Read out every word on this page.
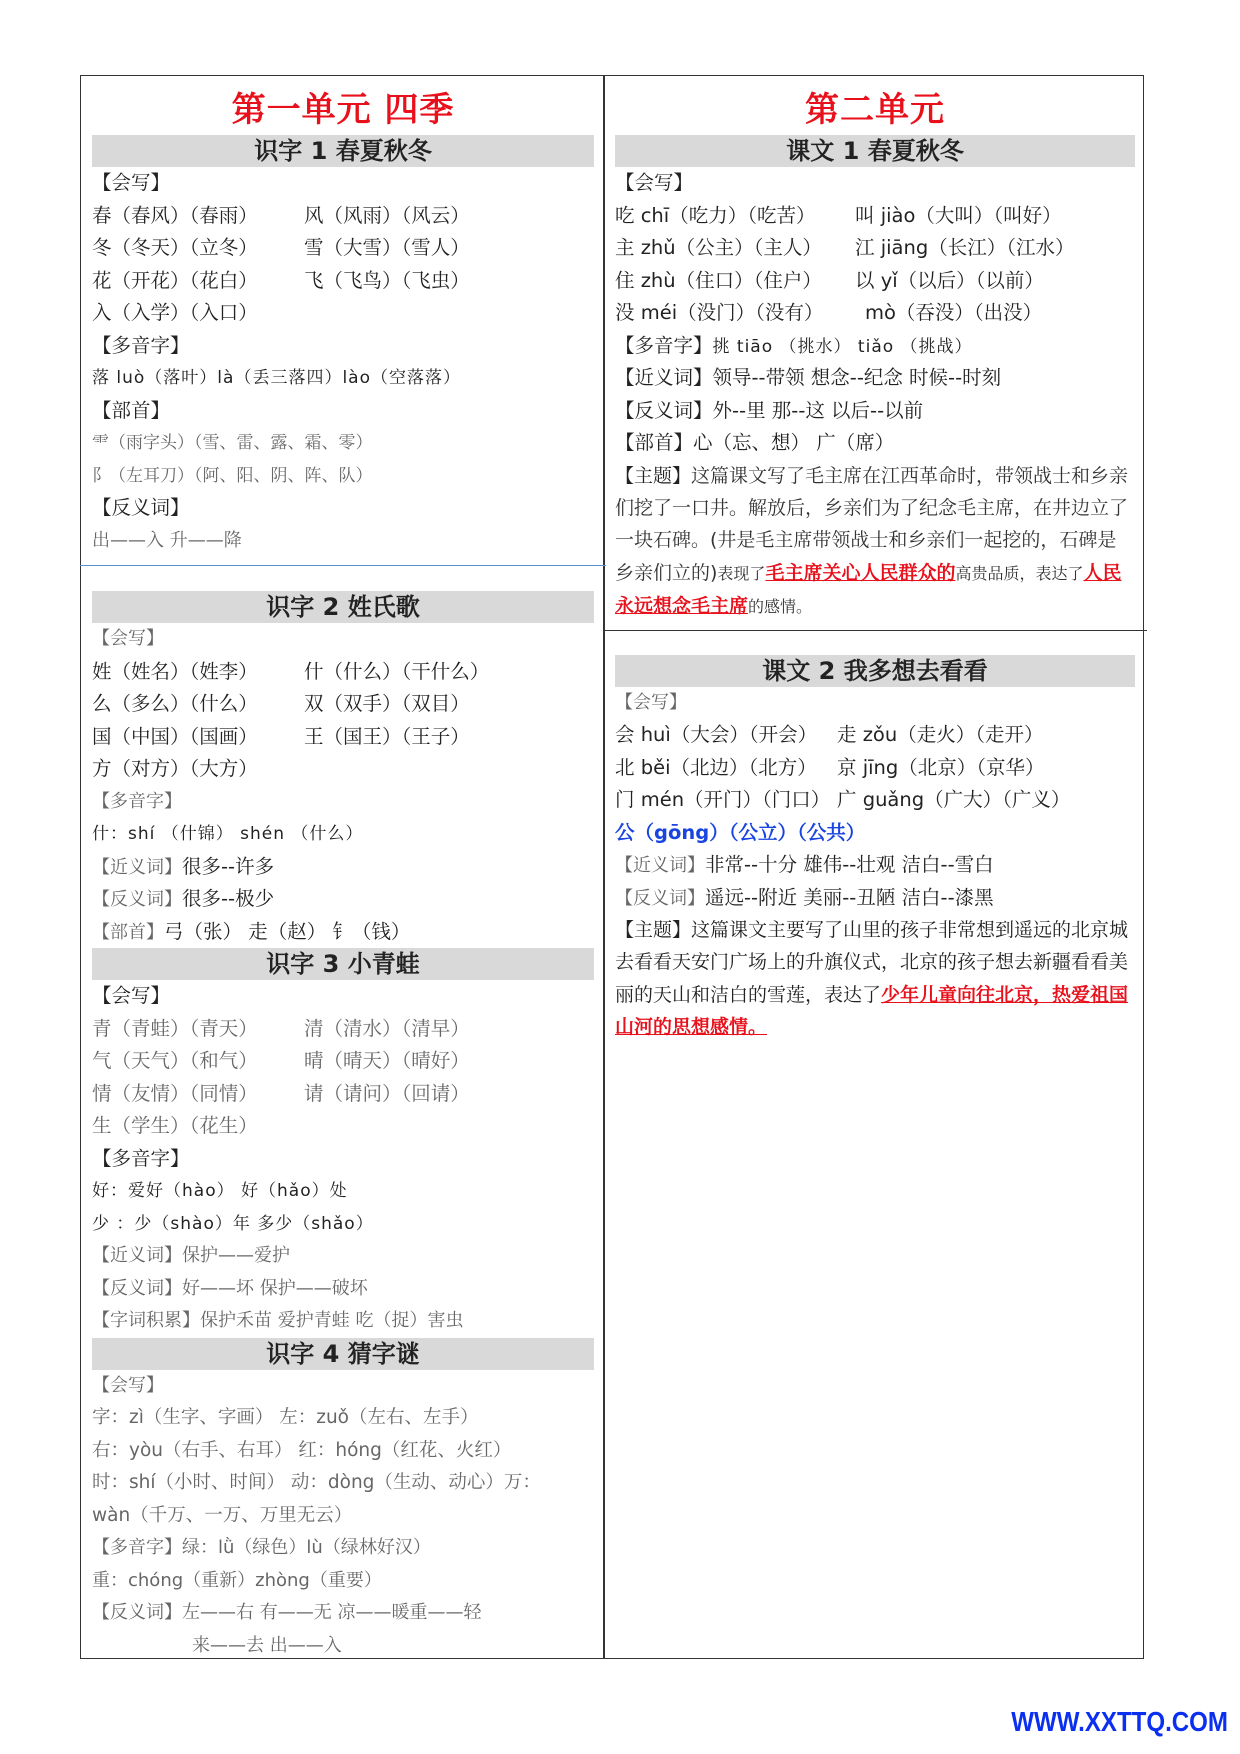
第一单元 四季
识字 1 春夏秋冬
【会写】
春（春风）（春雨） 风（风雨）（风云）
冬（冬天）（立冬） 雪（大雪）（雪人）
花（开花）（花白） 飞（飞鸟）（飞虫）
入（入学）（入口）
【多音字】
落 luò（落叶）là（丢三落四）lào（空落落）
【部首】
⻗（雨字头）（雪、雷、露、霜、零）
阝（左耳刀）（阿、阳、阴、阵、队）
【反义词】
出——入 升——降
识字 2 姓氏歌
【会写】
姓（姓名）（姓李） 什（什么）（干什么）
么（多么）（什么） 双（双手）（双目）
国（中国）（国画） 王（国王）（王子）
方（对方）（大方）
【多音字】
什：shí （什锦） shén （什么）
【近义词】很多--许多
【反义词】很多--极少
【部首】弓（张） 走（赵） 钅（钱）
识字 3 小青蛙
【会写】
青（青蛙）（青天） 清（清水）（清早）
气（天气）（和气） 晴（晴天）（晴好）
情（友情）（同情） 请（请问）（回请）
生（学生）（花生）
【多音字】
好：爱好（hào） 好（hǎo）处
少 ：少（shào）年 多少（shǎo）
【近义词】保护——爱护
【反义词】好——坏 保护——破坏
【字词积累】保护禾苗 爱护青蛙 吃（捉）害虫
识字 4 猜字谜
【会写】
字：zì（生字、字画） 左：zuǒ（左右、左手）
右：yòu（右手、右耳） 红：hóng（红花、火红）
时：shí（小时、时间） 动：dòng（生动、动心）万：
wàn（千万、一万、万里无云）
【多音字】绿：lǜ（绿色）lù（绿林好汉）
重：chóng（重新）zhòng（重要）
【反义词】左——右 有——无 凉——暖重——轻
来——去 出——入
第二单元
课文 1 春夏秋冬
【会写】
吃 chī（吃力）（吃苦） 叫 jiào（大叫）（叫好）
主 zhǔ（公主）（主人） 江 jiāng（长江）（江水）
住 zhù（住口）（住户） 以 yǐ（以后）（以前）
没 méi（没门）（没有） mò（吞没）（出没）
【多音字】挑 tiāo （挑水） tiǎo （挑战）
【近义词】领导--带领 想念--纪念 时候--时刻
【反义词】外--里 那--这 以后--以前
【部首】心（忘、想） 广（席）
【主题】这篇课文写了毛主席在江西革命时，带领战士和乡亲们挖了一口井。解放后，乡亲们为了纪念毛主席，在井边立了一块石碑。(井是毛主席带领战士和乡亲们一起挖的，石碑是乡亲们立的)表现了毛主席关心人民群众的高贵品质，表达了人民永远想念毛主席的感情。
课文 2 我多想去看看
【会写】
会 huì（大会）（开会） 走 zǒu（走火）（走开）
北 běi（北边）（北方） 京 jīng（北京）（京华）
门 mén（开门）（门口） 广 guǎng（广大）（广义）
公（gōng）（公立）（公共）
【近义词】非常--十分 雄伟--壮观 洁白--雪白
【反义词】遥远--附近 美丽--丑陋 洁白--漆黑
【主题】这篇课文主要写了山里的孩子非常想到遥远的北京城去看看天安门广场上的升旗仪式，北京的孩子想去新疆看看美丽的天山和洁白的雪莲，表达了少年儿童向往北京，热爱祖国山河的思想感情。
WWW.XXTTQ.COM
